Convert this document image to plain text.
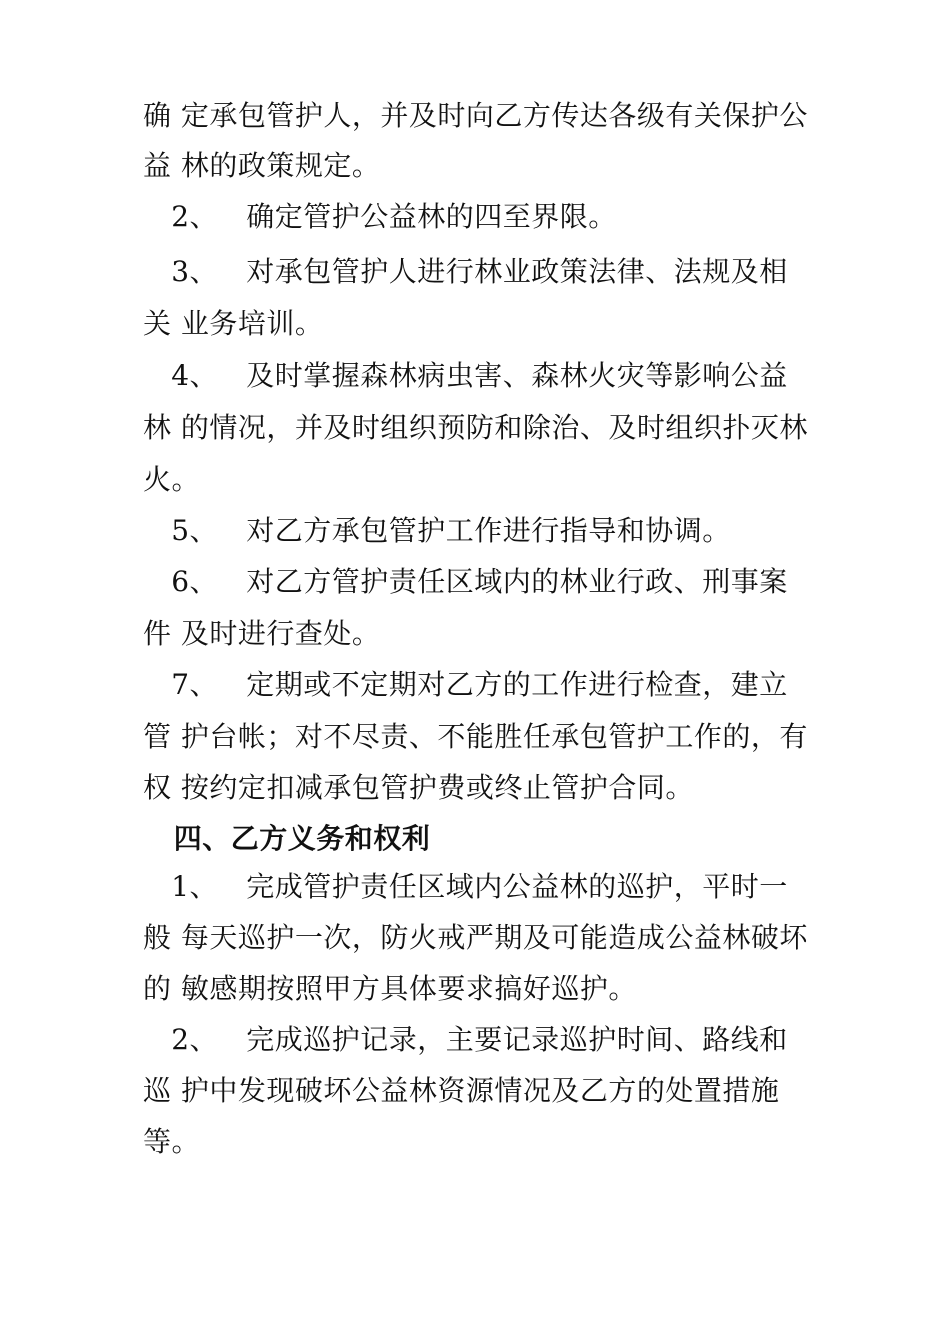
确 定承包管护人，并及时向乙方传达各级有关保护公
益 林的政策规定。
2、   确定管护公益林的四至界限。
3、   对承包管护人进行林业政策法律、法规及相
关 业务培训。
4、   及时掌握森林病虫害、森林火灾等影响公益
林 的情况，并及时组织预防和除治、及时组织扑灭林
火。
5、   对乙方承包管护工作进行指导和协调。
6、   对乙方管护责任区域内的林业行政、刑事案
件 及时进行查处。
7、   定期或不定期对乙方的工作进行检查，建立
管 护台帐；对不尽责、不能胜任承包管护工作的，有
权 按约定扣减承包管护费或终止管护合同。
四、乙方义务和权利
1、   完成管护责任区域内公益林的巡护，平时一
般 每天巡护一次，防火戒严期及可能造成公益林破坏
的 敏感期按照甲方具体要求搞好巡护。
2、   完成巡护记录，主要记录巡护时间、路线和
巡 护中发现破坏公益林资源情况及乙方的处置措施
等。
